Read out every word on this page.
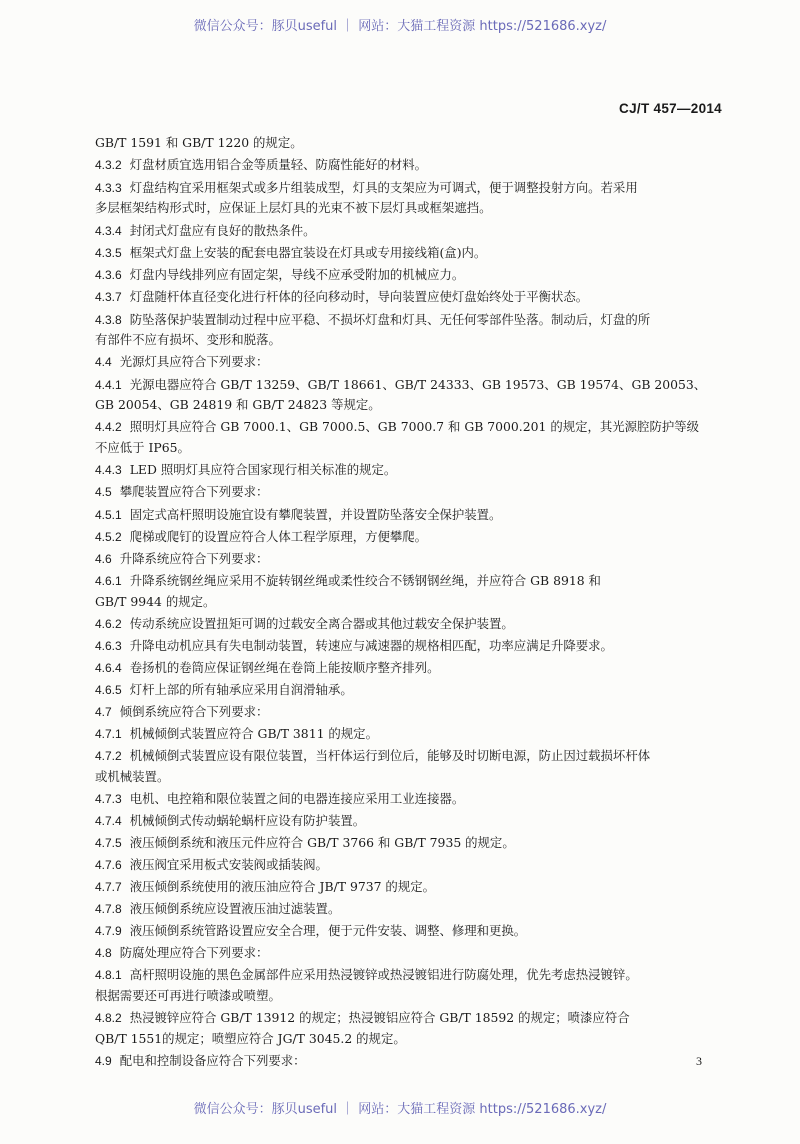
微信公众号：豚贝useful ｜ 网站：大猫工程资源 https://521686.xyz/
CJ/T 457—2014
GB/T 1591 和 GB/T 1220 的规定。
4.3.2 灯盘材质宜选用铝合金等质量轻、防腐性能好的材料。
4.3.3 灯盘结构宜采用框架式或多片组装成型，灯具的支架应为可调式，便于调整投射方向。若采用
多层框架结构形式时，应保证上层灯具的光束不被下层灯具或框架遮挡。
4.3.4 封闭式灯盘应有良好的散热条件。
4.3.5 框架式灯盘上安装的配套电器宜装设在灯具或专用接线箱(盒)内。
4.3.6 灯盘内导线排列应有固定架，导线不应承受附加的机械应力。
4.3.7 灯盘随杆体直径变化进行杆体的径向移动时，导向装置应使灯盘始终处于平衡状态。
4.3.8 防坠落保护装置制动过程中应平稳、不损坏灯盘和灯具、无任何零部件坠落。制动后，灯盘的所
有部件不应有损坏、变形和脱落。
4.4 光源灯具应符合下列要求：
4.4.1 光源电器应符合 GB/T 13259、GB/T 18661、GB/T 24333、GB 19573、GB 19574、GB 20053、
GB 20054、GB 24819 和 GB/T 24823 等规定。
4.4.2 照明灯具应符合 GB 7000.1、GB 7000.5、GB 7000.7 和 GB 7000.201 的规定，其光源腔防护等级
不应低于 IP65。
4.4.3 LED 照明灯具应符合国家现行相关标准的规定。
4.5 攀爬装置应符合下列要求：
4.5.1 固定式高杆照明设施宜设有攀爬装置，并设置防坠落安全保护装置。
4.5.2 爬梯或爬钉的设置应符合人体工程学原理，方便攀爬。
4.6 升降系统应符合下列要求：
4.6.1 升降系统钢丝绳应采用不旋转钢丝绳或柔性绞合不锈钢钢丝绳，并应符合 GB 8918 和
GB/T 9944 的规定。
4.6.2 传动系统应设置扭矩可调的过载安全离合器或其他过载安全保护装置。
4.6.3 升降电动机应具有失电制动装置，转速应与减速器的规格相匹配，功率应满足升降要求。
4.6.4 卷扬机的卷筒应保证钢丝绳在卷筒上能按顺序整齐排列。
4.6.5 灯杆上部的所有轴承应采用自润滑轴承。
4.7 倾倒系统应符合下列要求：
4.7.1 机械倾倒式装置应符合 GB/T 3811 的规定。
4.7.2 机械倾倒式装置应设有限位装置，当杆体运行到位后，能够及时切断电源，防止因过载损坏杆体
或机械装置。
4.7.3 电机、电控箱和限位装置之间的电器连接应采用工业连接器。
4.7.4 机械倾倒式传动蜗轮蜗杆应设有防护装置。
4.7.5 液压倾倒系统和液压元件应符合 GB/T 3766 和 GB/T 7935 的规定。
4.7.6 液压阀宜采用板式安装阀或插装阀。
4.7.7 液压倾倒系统使用的液压油应符合 JB/T 9737 的规定。
4.7.8 液压倾倒系统应设置液压油过滤装置。
4.7.9 液压倾倒系统管路设置应安全合理，便于元件安装、调整、修理和更换。
4.8 防腐处理应符合下列要求：
4.8.1 高杆照明设施的黑色金属部件应采用热浸镀锌或热浸镀铝进行防腐处理，优先考虑热浸镀锌。
根据需要还可再进行喷漆或喷塑。
4.8.2 热浸镀锌应符合 GB/T 13912 的规定；热浸镀铝应符合 GB/T 18592 的规定；喷漆应符合
QB/T 1551的规定；喷塑应符合 JG/T 3045.2 的规定。
4.9 配电和控制设备应符合下列要求：	3
微信公众号：豚贝useful ｜ 网站：大猫工程资源 https://521686.xyz/
